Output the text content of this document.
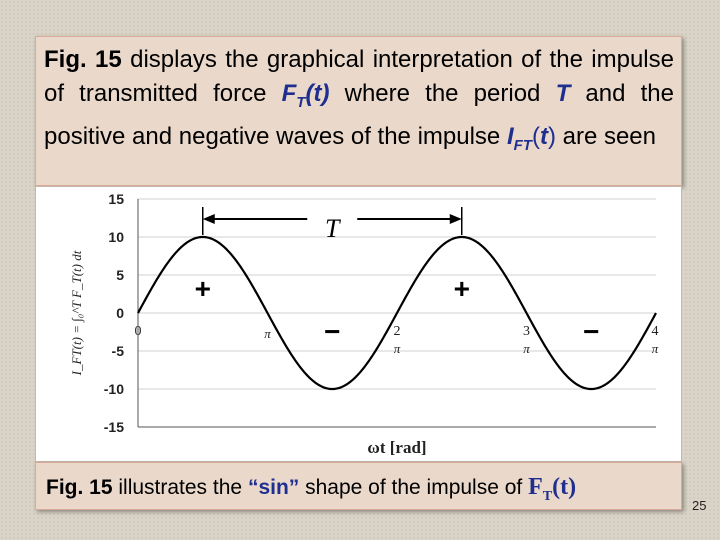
Fig. 15 displays the graphical interpretation of the impulse of transmitted force $F_T(t)$ where the period T and the positive and negative waves of the impulse $I_{FT}(t)$ are seen
15
10
5
0
-5
-10
-15
0	π	2
π
3
π
4
π
T
+	+
−	−
I_FT(t) = ∫₀^T F_T(t) dt
ωt [rad]
Fig. 15 illustrates the “sin” shape of the impulse of $F_T(t)$
25
